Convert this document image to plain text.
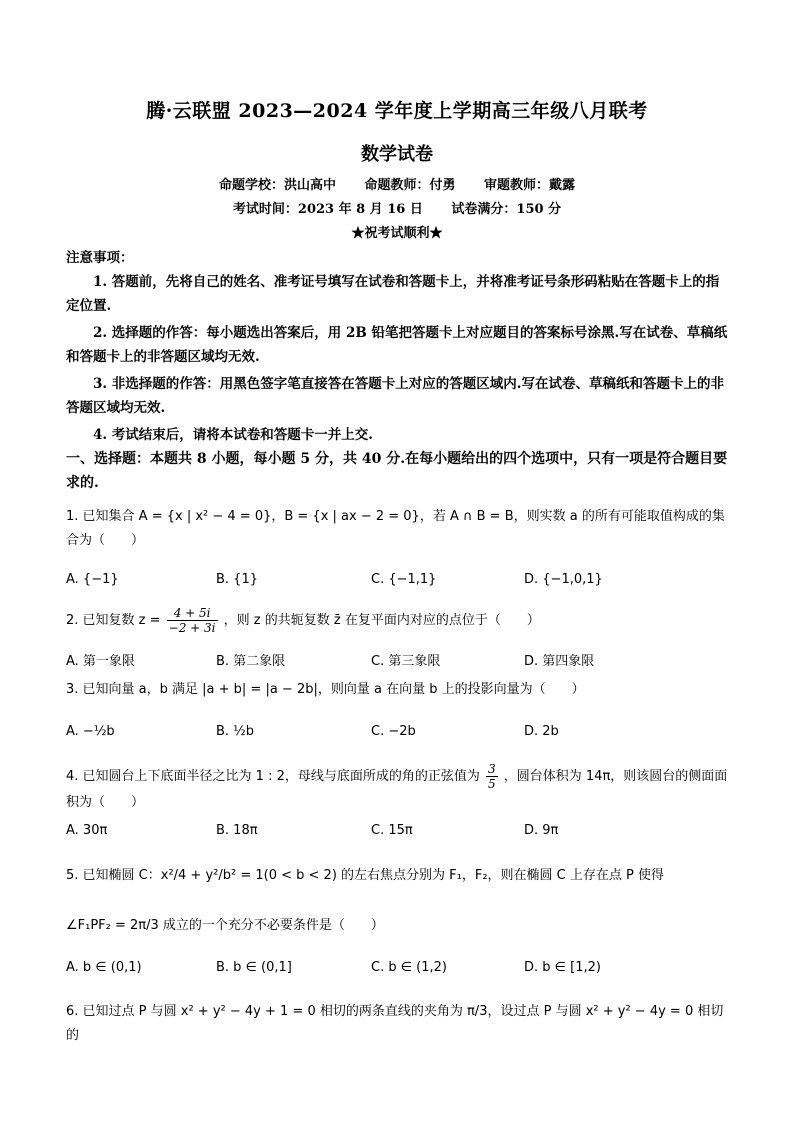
腾·云联盟 2023—2024 学年度上学期高三年级八月联考
数学试卷
命题学校：洪山高中 命题教师：付勇 审题教师：戴露
考试时间：2023 年 8 月 16 日 试卷满分：150 分
★祝考试顺利★
注意事项：
1. 答题前，先将自己的姓名、准考证号填写在试卷和答题卡上，并将准考证号条形码粘贴在答题卡上的指定位置.
2. 选择题的作答：每小题选出答案后，用 2B 铅笔把答题卡上对应题目的答案标号涂黑.写在试卷、草稿纸和答题卡上的非答题区域均无效.
3. 非选择题的作答：用黑色签字笔直接答在答题卡上对应的答题区域内.写在试卷、草稿纸和答题卡上的非答题区域均无效.
4. 考试结束后，请将本试卷和答题卡一并上交.
一、选择题：本题共 8 小题，每小题 5 分，共 40 分.在每小题给出的四个选项中，只有一项是符合题目要求的.
1. 已知集合 A = {x | x² − 4 = 0}，B = {x | ax − 2 = 0}，若 A ∩ B = B，则实数 a 的所有可能取值构成的集合为（　　）
A. {−1}	B. {1}	C. {−1,1}	D. {−1,0,1}
2. 已知复数 $z = \frac{4 + 5i}{-2 + 3i}$ ，则 z 的共轭复数 z̄ 在复平面内对应的点位于（　　）
A. 第一象限	B. 第二象限	C. 第三象限	D. 第四象限
3. 已知向量 a，b 满足 |a + b| = |a − 2b|，则向量 a 在向量 b 上的投影向量为（　　）
A. −½b	B. ½b	C. −2b	D. 2b
4. 已知圆台上下底面半径之比为 1 : 2，母线与底面所成的角的正弦值为 $\frac{3}{5}$ ，圆台体积为 14π，则该圆台的侧面面积为（　　）
A. 30π	B. 18π	C. 15π	D. 9π
5. 已知椭圆 C：x²/4 + y²/b² = 1(0 < b < 2) 的左右焦点分别为 F₁，F₂，则在椭圆 C 上存在点 P 使得
∠F₁PF₂ = 2π/3 成立的一个充分不必要条件是（　　）
A. b ∈ (0,1)	B. b ∈ (0,1]	C. b ∈ (1,2)	D. b ∈ [1,2)
6. 已知过点 P 与圆 x² + y² − 4y + 1 = 0 相切的两条直线的夹角为 π/3，设过点 P 与圆 x² + y² − 4y = 0 相切的
